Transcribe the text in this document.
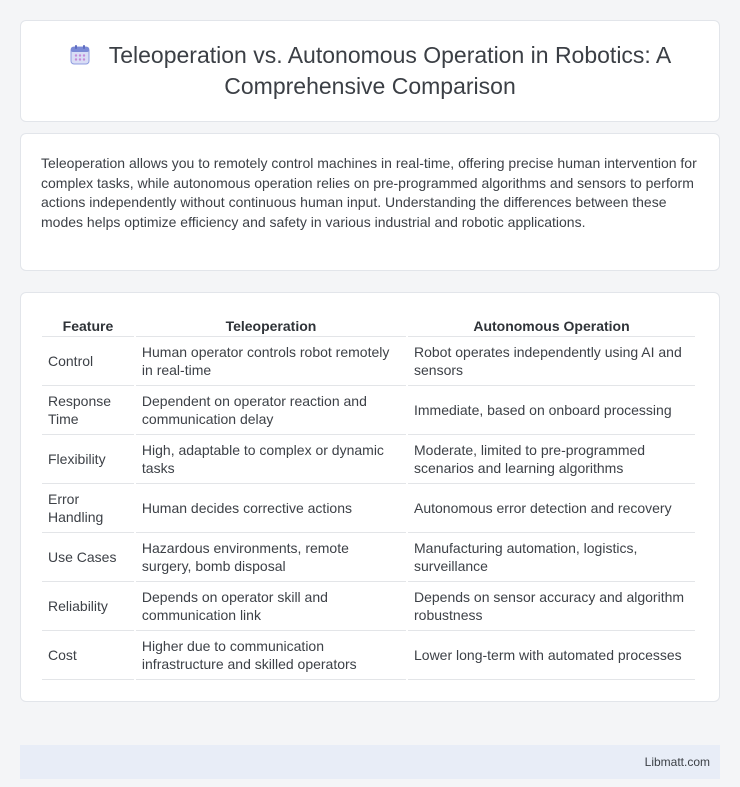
Teleoperation vs. Autonomous Operation in Robotics: A Comprehensive Comparison

Teleoperation allows you to remotely control machines in real-time, offering precise human intervention for complex tasks, while autonomous operation relies on pre-programmed algorithms and sensors to perform actions independently without continuous human input. Understanding the differences between these modes helps optimize efficiency and safety in various industrial and robotic applications.

Feature	Teleoperation	Autonomous Operation
Control	Human operator controls robot remotely in real-time	Robot operates independently using AI and sensors
Response Time	Dependent on operator reaction and communication delay	Immediate, based on onboard processing
Flexibility	High, adaptable to complex or dynamic tasks	Moderate, limited to pre-programmed scenarios and learning algorithms
Error Handling	Human decides corrective actions	Autonomous error detection and recovery
Use Cases	Hazardous environments, remote surgery, bomb disposal	Manufacturing automation, logistics, surveillance
Reliability	Depends on operator skill and communication link	Depends on sensor accuracy and algorithm robustness
Cost	Higher due to communication infrastructure and skilled operators	Lower long-term with automated processes
Libmatt.com
